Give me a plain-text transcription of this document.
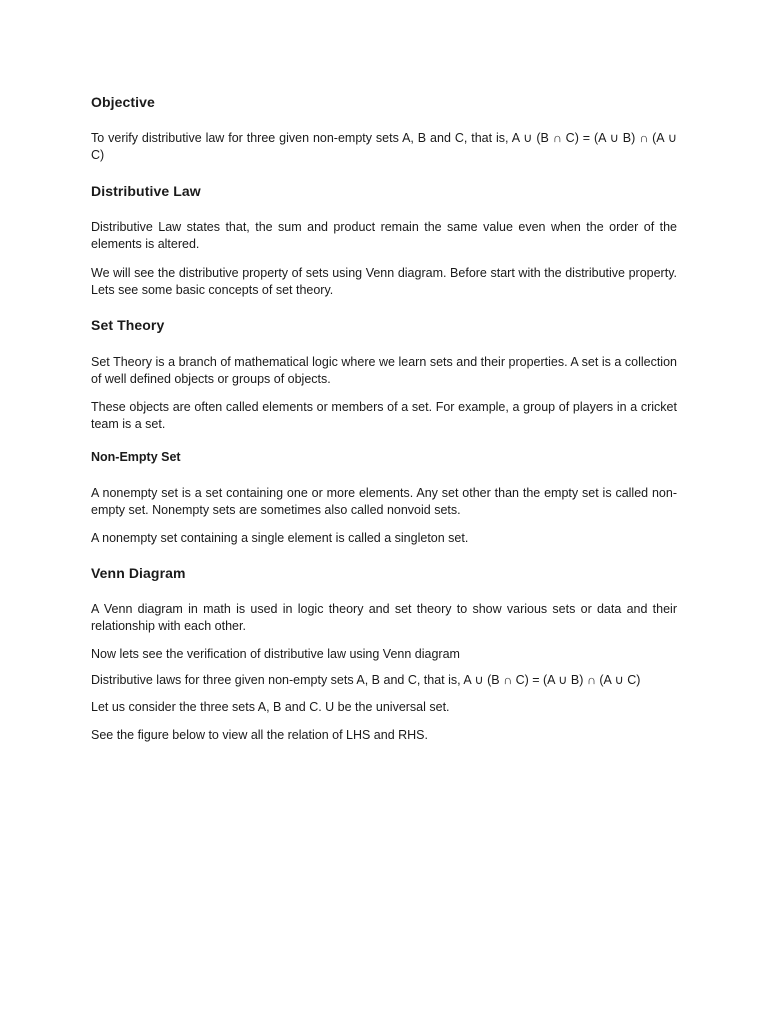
Objective

To verify distributive law for three given non-empty sets A, B and C, that is, A ∪ (B ∩ C) = (A ∪ B) ∩ (A ∪ C)

Distributive Law

Distributive Law states that, the sum and product remain the same value even when the order of the elements is altered.

We will see the distributive property of sets using Venn diagram. Before start with the distributive property. Lets see some basic concepts of set theory.

Set Theory

Set Theory is a branch of mathematical logic where we learn sets and their properties. A set is a collection of well defined objects or groups of objects.

These objects are often called elements or members of a set. For example, a group of players in a cricket team is a set.

Non-Empty Set

A nonempty set is a set containing one or more elements. Any set other than the empty set is called non-empty set. Nonempty sets are sometimes also called nonvoid sets.

A nonempty set containing a single element is called a singleton set.

Venn Diagram

A Venn diagram in math is used in logic theory and set theory to show various sets or data and their relationship with each other.

Now lets see the verification of distributive law using Venn diagram

Distributive laws for three given non-empty sets A, B and C, that is, A ∪ (B ∩ C) = (A ∪ B) ∩ (A ∪ C)

Let us consider the three sets A, B and C. U be the universal set.

See the figure below to view all the relation of LHS and RHS.
